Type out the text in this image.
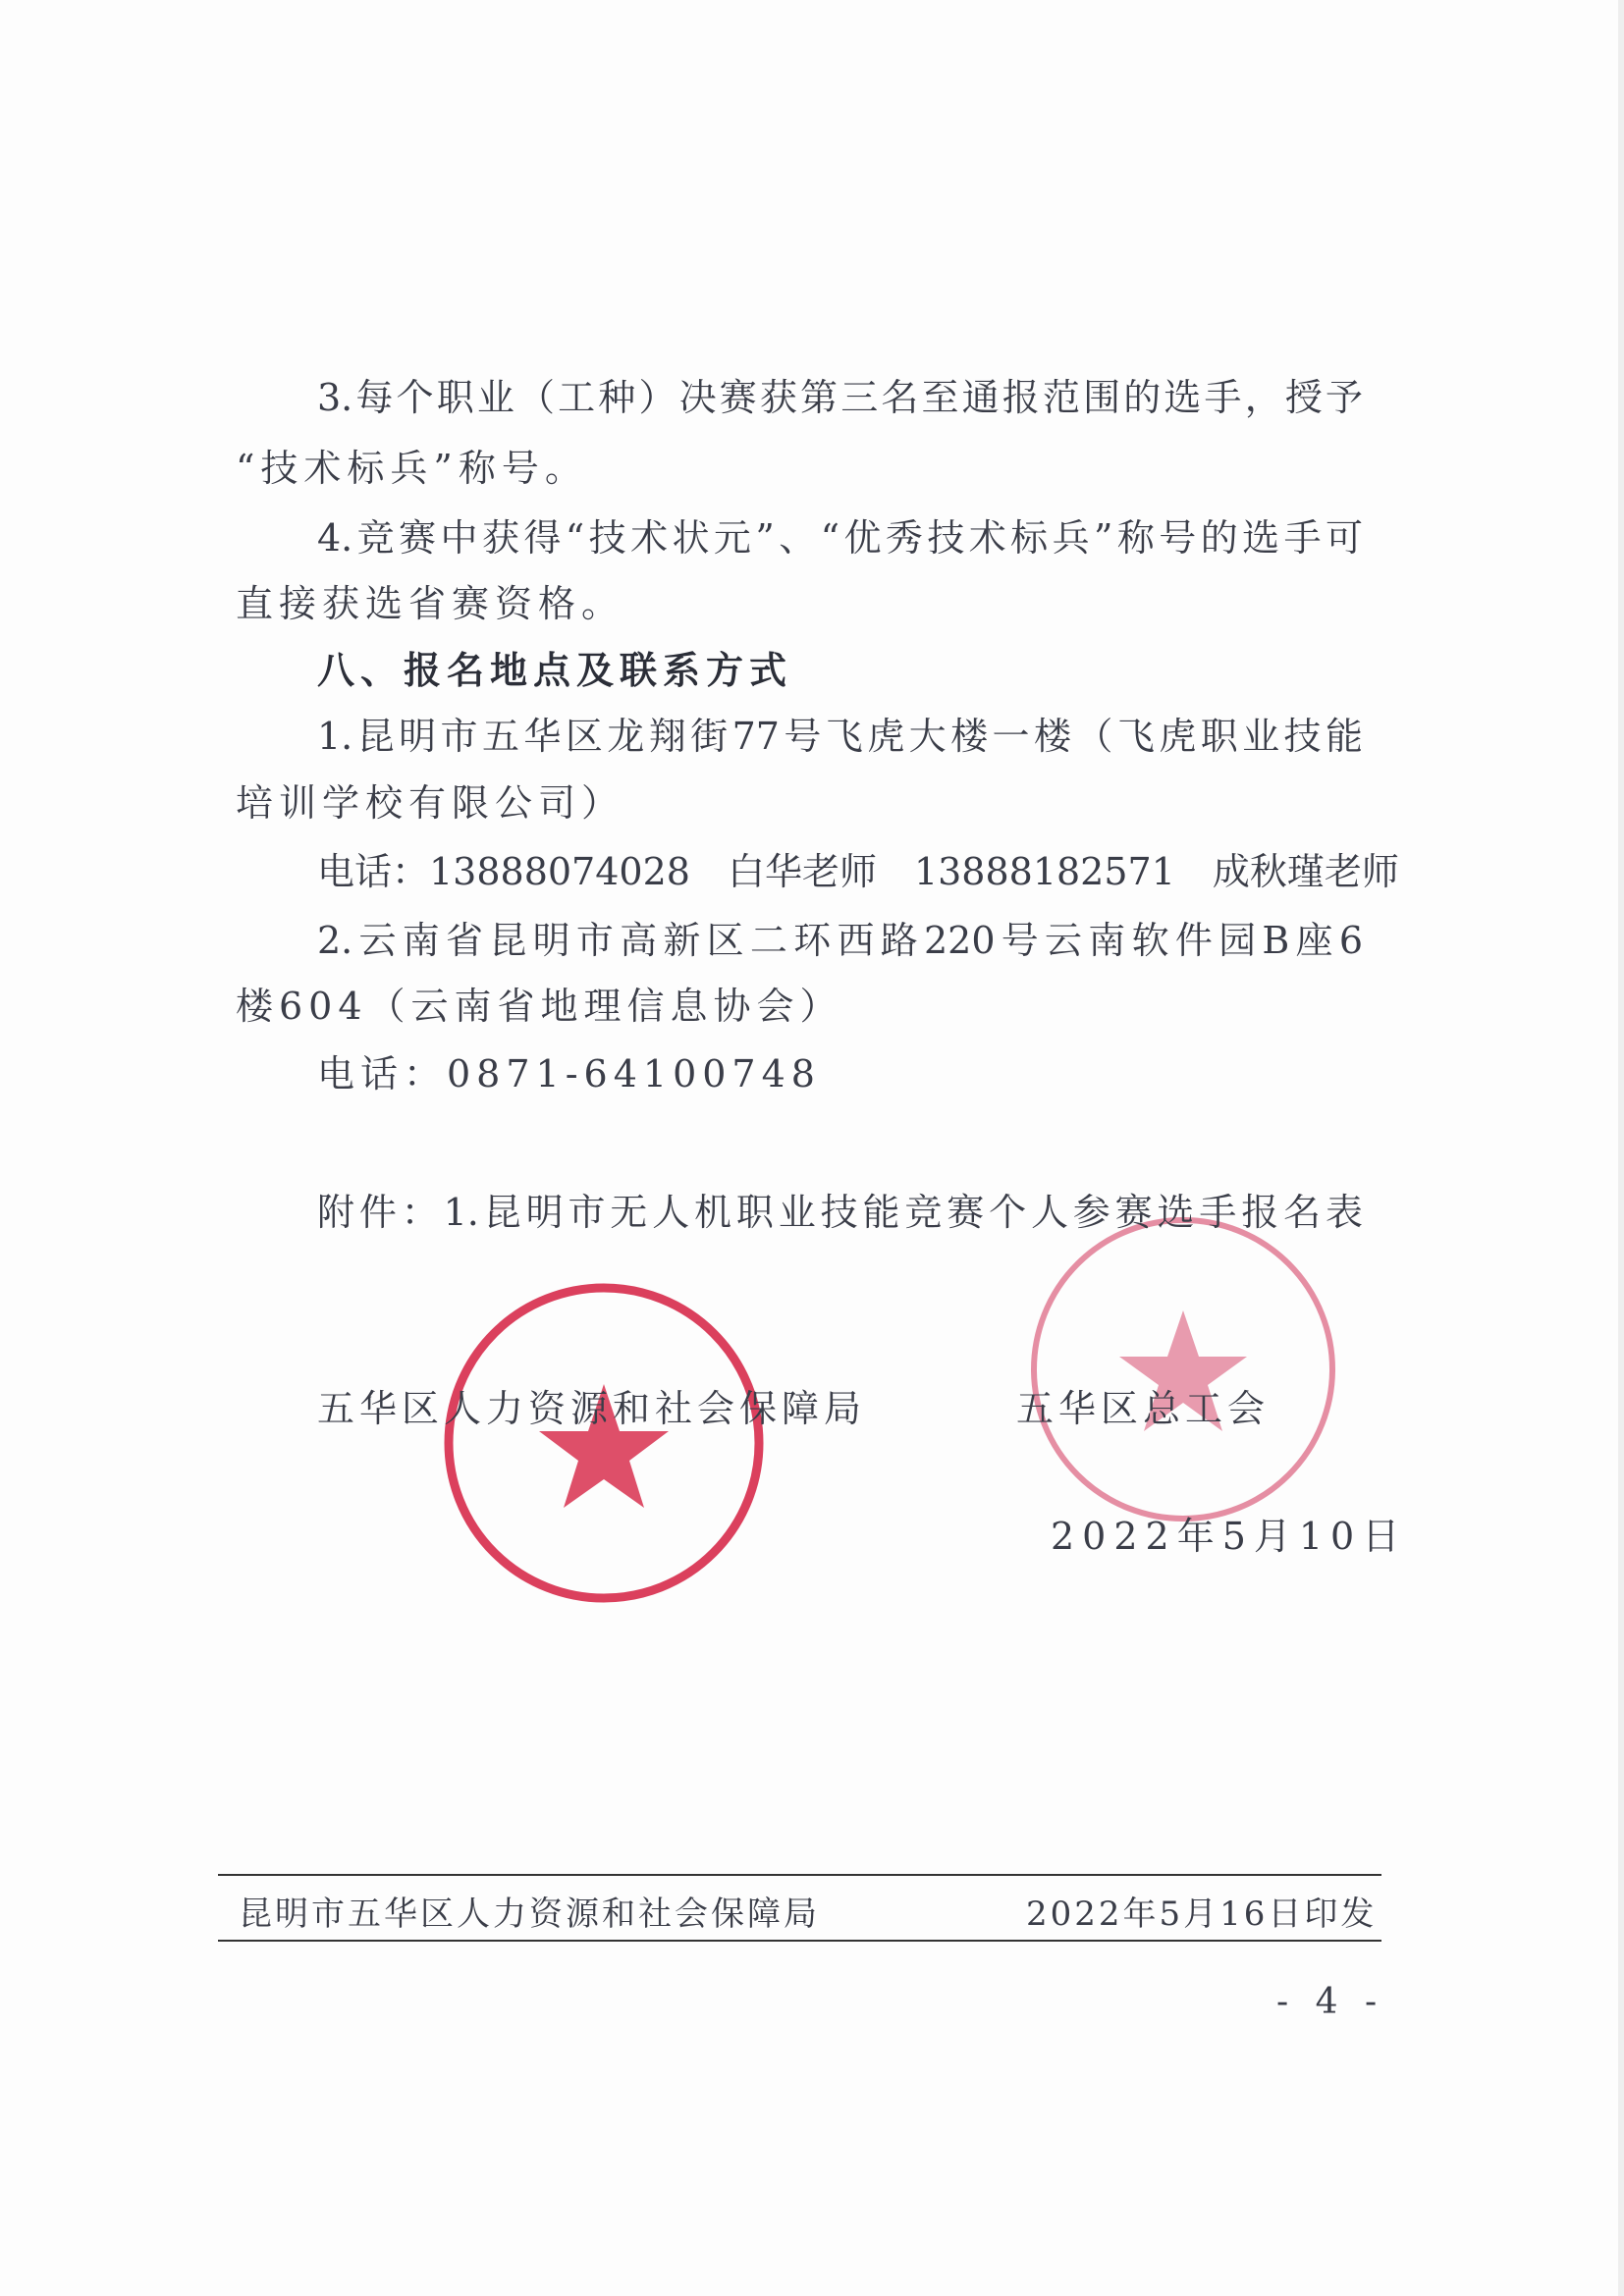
3.每个职业（工种）决赛获第三名至通报范围的选手，授予
“技术标兵”称号。
4.竞赛中获得“技术状元”、“优秀技术标兵”称号的选手可
直接获选省赛资格。
八、报名地点及联系方式
1.昆明市五华区龙翔街77号飞虎大楼一楼（飞虎职业技能
培训学校有限公司）
电话：13888074028　白华老师　13888182571　成秋瑾老师
2.云南省昆明市高新区二环西路220号云南软件园B座6
楼604（云南省地理信息协会）
电话：0871-64100748
附件：1.昆明市无人机职业技能竞赛个人参赛选手报名表
五华区人力资源和社会保障局	五华区总工会
2022年5月10日
昆明市五华区人力资源和社会保障局	2022年5月16日印发
- 4 -
